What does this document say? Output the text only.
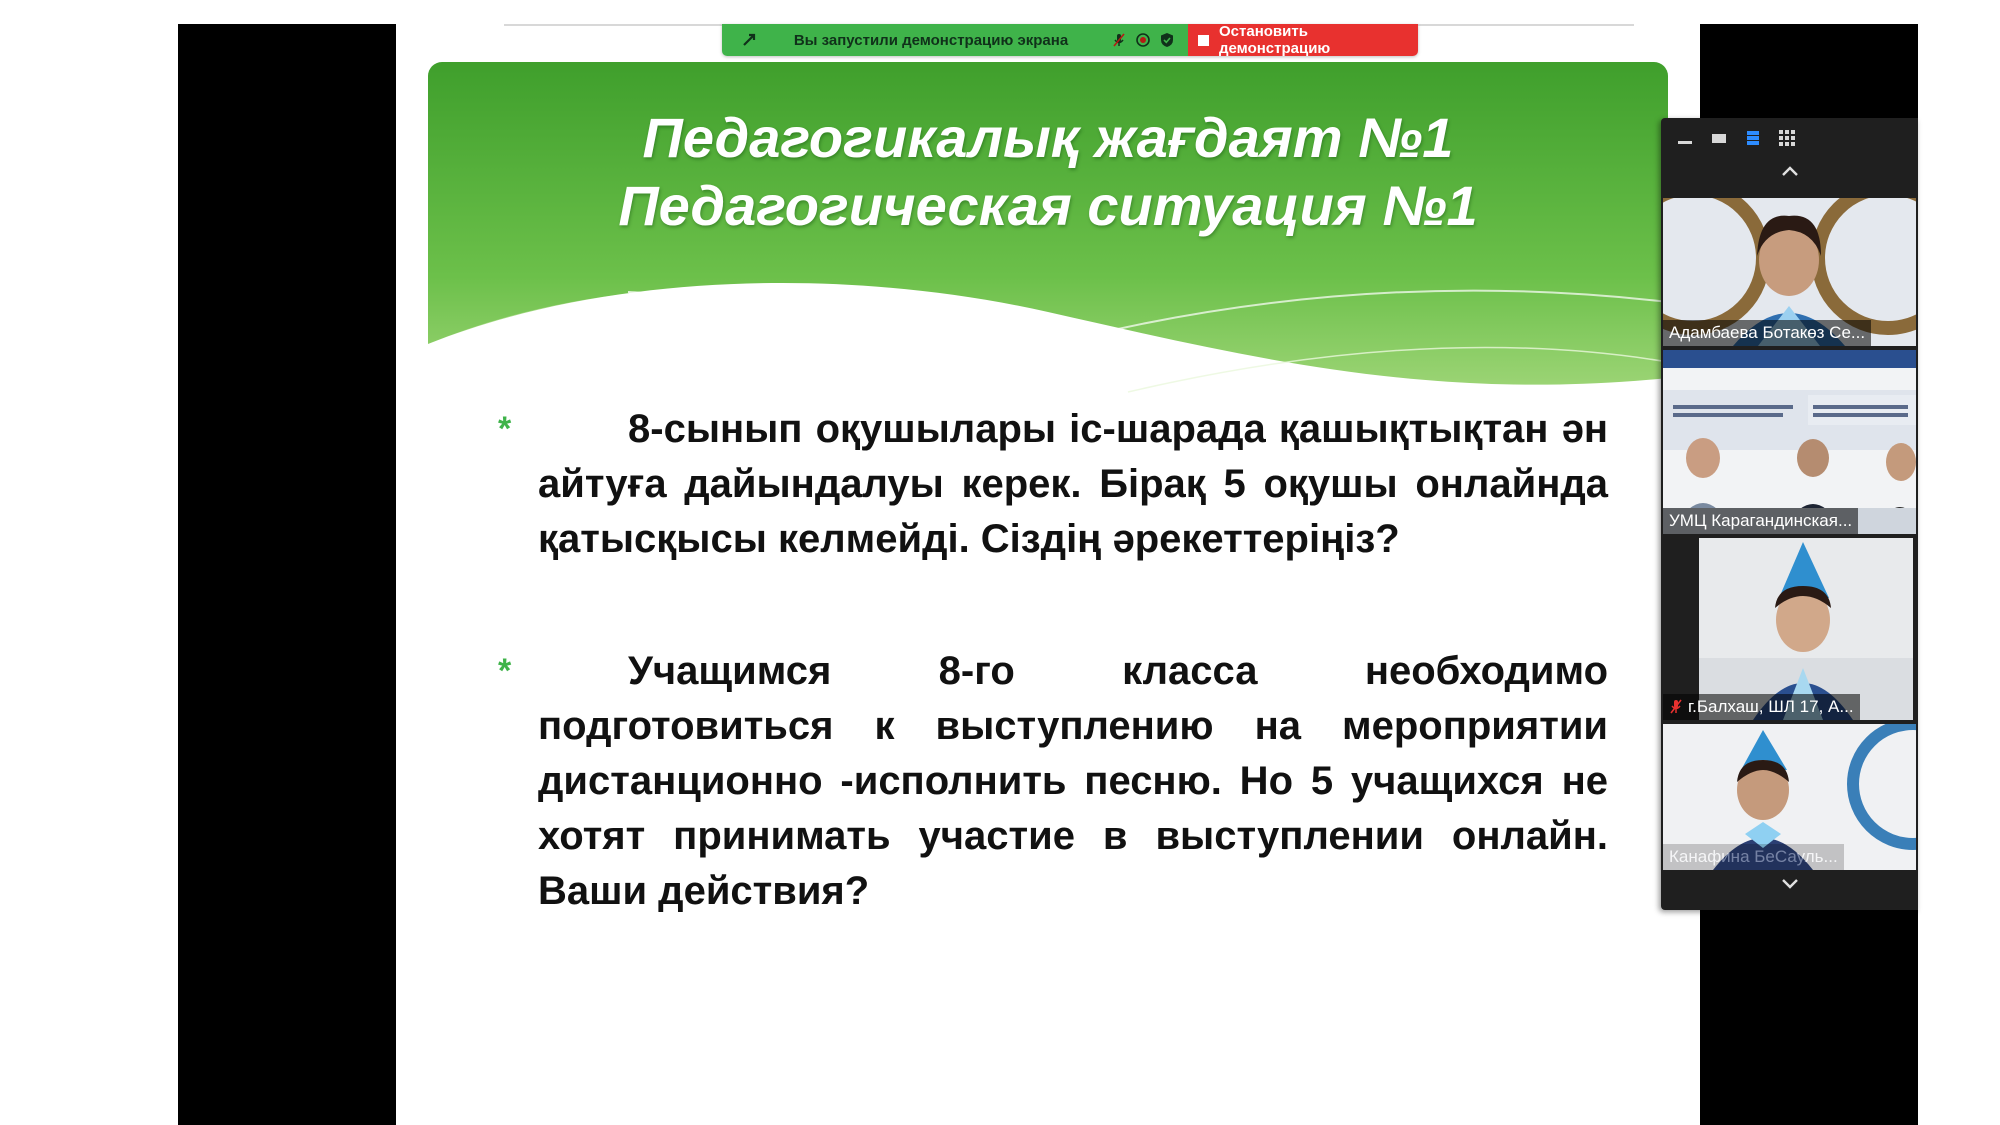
Вы запустили демонстрацию экрана	Остановить демонстрацию
Педагогикалық жағдаят №1
Педагогическая ситуация №1
*	8-сынып оқушылары іс-шарада қашықтықтан ән айтуға дайындалуы керек. Бірақ 5 оқушы онлайнда қатысқысы келмейді. Сіздің әрекеттеріңіз?
*	Учащимся 8-го класса необходимо подготовиться к выступлению на мероприятии дистанционно -исполнить песню. Но 5 учащихся не хотят принимать участие в выступлении онлайн. Ваши действия?
Адамбаева Ботакөз Се...
УМЦ Карагандинская...
г.Балхаш, ШЛ 17, А...
Канафина БеСауль...
